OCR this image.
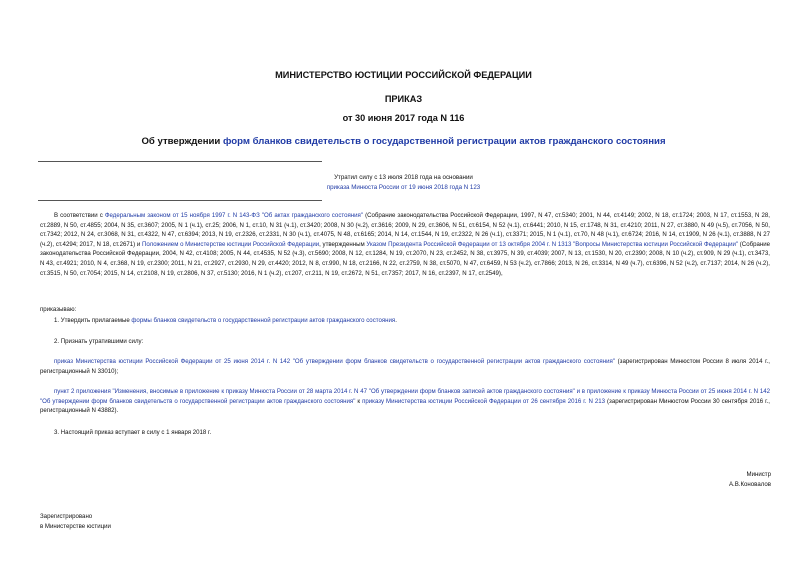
МИНИСТЕРСТВО ЮСТИЦИИ РОССИЙСКОЙ ФЕДЕРАЦИИ
ПРИКАЗ
от 30 июня 2017 года N 116
Об утверждении форм бланков свидетельств о государственной регистрации актов гражданского состояния
Утратил силу с 13 июля 2018 года на основании
приказа Минюста России от 19 июня 2018 года N 123
В соответствии с Федеральным законом от 15 ноября 1997 г. N 143-ФЗ "Об актах гражданского состояния" (Собрание законодательства Российской Федерации, 1997, N 47, ст.5340; 2001, N 44, ст.4149; 2002, N 18, ст.1724; 2003, N 17, ст.1553, N 28, ст.2889, N 50, ст.4855; 2004, N 35, ст.3607; 2005, N 1 (ч.1), ст.25; 2006, N 1, ст.10, N 31 (ч.1), ст.3420; 2008, N 30 (ч.2), ст.3616; 2009, N 29, ст.3606, N 51, ст.6154, N 52 (ч.1), ст.6441; 2010, N 15, ст.1748, N 31, ст.4210; 2011, N 27, ст.3880, N 49 (ч.5), ст.7056, N 50, ст.7342; 2012, N 24, ст.3068, N 31, ст.4322, N 47, ст.6394; 2013, N 19, ст.2326, ст.2331, N 30 (ч.1), ст.4075, N 48, ст.6165; 2014, N 14, ст.1544, N 19, ст.2322, N 26 (ч.1), ст.3371; 2015, N 1 (ч.1), ст.70, N 48 (ч.1), ст.6724; 2016, N 14, ст.1909, N 26 (ч.1), ст.3888, N 27 (ч.2), ст.4294; 2017, N 18, ст.2671) и Положением о Министерстве юстиции Российской Федерации, утвержденным Указом Президента Российской Федерации от 13 октября 2004 г. N 1313 "Вопросы Министерства юстиции Российской Федерации" (Собрание законодательства Российской Федерации, 2004, N 42, ст.4108; 2005, N 44, ст.4535, N 52 (ч.3), ст.5690; 2008, N 12, ст.1284, N 19, ст.2070, N 23, ст.2452, N 38, ст.3975, N 39, ст.4039; 2007, N 13, ст.1530, N 20, ст.2390; 2008, N 10 (ч.2), ст.909, N 29 (ч.1), ст.3473, N 43, ст.4921; 2010, N 4, ст.368, N 19, ст.2300; 2011, N 21, ст.2927, ст.2930, N 29, ст.4420; 2012, N 8, ст.990, N 18, ст.2166, N 22, ст.2759, N 38, ст.5070, N 47, ст.6459, N 53 (ч.2), ст.7866; 2013, N 26, ст.3314, N 49 (ч.7), ст.6396, N 52 (ч.2), ст.7137; 2014, N 26 (ч.2), ст.3515, N 50, ст.7054; 2015, N 14, ст.2108, N 19, ст.2806, N 37, ст.5130; 2016, N 1 (ч.2), ст.207, ст.211, N 19, ст.2672, N 51, ст.7357; 2017, N 16, ст.2397, N 17, ст.2549),
приказываю:
1. Утвердить прилагаемые формы бланков свидетельств о государственной регистрации актов гражданского состояния.
2. Признать утратившими силу:
приказ Министерства юстиции Российской Федерации от 25 июня 2014 г. N 142 "Об утверждении форм бланков свидетельств о государственной регистрации актов гражданского состояния" (зарегистрирован Минюстом России 8 июля 2014 г., регистрационный N 33010);
пункт 2 приложения "Изменения, вносимые в приложение к приказу Минюста России от 28 марта 2014 г. N 47 "Об утверждении форм бланков записей актов гражданского состояния" и в приложение к приказу Минюста России от 25 июня 2014 г. N 142 "Об утверждении форм бланков свидетельств о государственной регистрации актов гражданского состояния" к приказу Министерства юстиции Российской Федерации от 26 сентября 2016 г. N 213 (зарегистрирован Минюстом России 30 сентября 2016 г., регистрационный N 43882).
3. Настоящий приказ вступает в силу с 1 января 2018 г.
Министр
А.В.Коновалов
Зарегистрировано
в Министерстве юстиции
